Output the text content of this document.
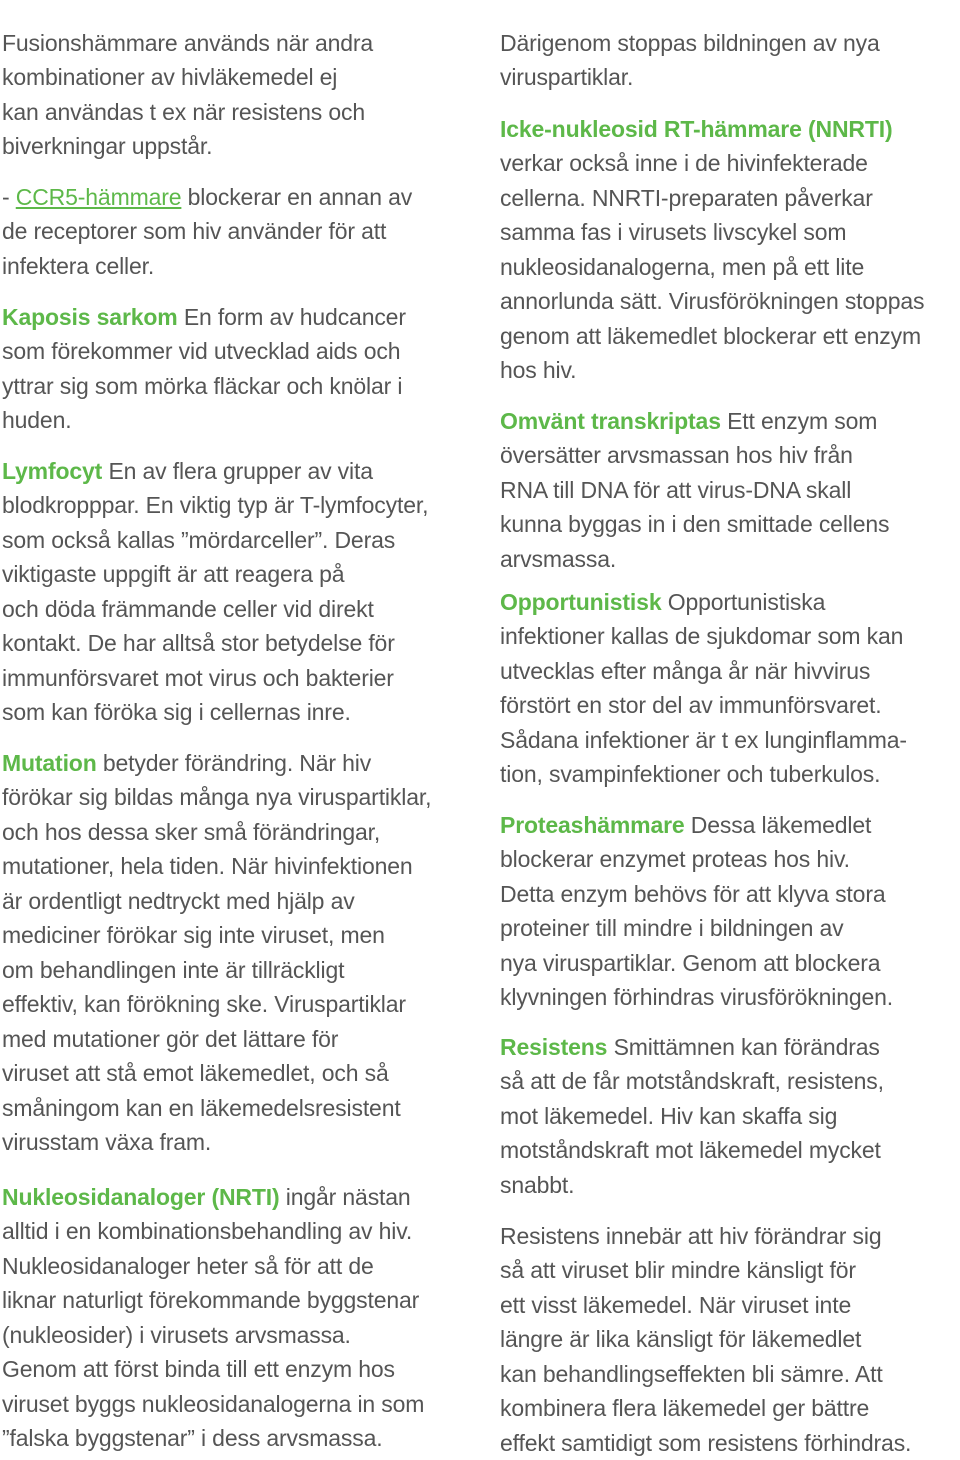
Fusionshämmare används när andra
kombinationer av hivläkemedel ej
kan användas t ex när resistens och
biverkningar uppstår.

- CCR5-hämmare blockerar en annan av
de receptorer som hiv använder för att
infektera celler.

Kaposis sarkom En form av hudcancer
som förekommer vid utvecklad aids och
yttrar sig som mörka fläckar och knölar i
huden.

Lymfocyt En av flera grupper av vita
blodkropppar. En viktig typ är T-lymfocyter,
som också kallas ”mördarceller”. Deras
viktigaste uppgift är att reagera på
och döda främmande celler vid direkt
kontakt. De har alltså stor betydelse för
immunförsvaret mot virus och bakterier
som kan föröka sig i cellernas inre.

Mutation betyder förändring. När hiv
förökar sig bildas många nya viruspartiklar,
och hos dessa sker små förändringar,
mutationer, hela tiden. När hivinfektionen
är ordentligt nedtryckt med hjälp av
mediciner förökar sig inte viruset, men
om behandlingen inte är tillräckligt
effektiv, kan förökning ske. Viruspartiklar
med mutationer gör det lättare för
viruset att stå emot läkemedlet, och så
småningom kan en läkemedelsresistent
virusstam växa fram.

Nukleosidanaloger (NRTI) ingår nästan
alltid i en kombinationsbehandling av hiv.
Nukleosidanaloger heter så för att de
liknar naturligt förekommande byggstenar
(nukleosider) i virusets arvsmassa.
Genom att först binda till ett enzym hos
viruset byggs nukleosidanalogerna in som
”falska byggstenar” i dess arvsmassa.

Därigenom stoppas bildningen av nya
viruspartiklar.

Icke-nukleosid RT-hämmare (NNRTI)
verkar också inne i de hivinfekterade
cellerna. NNRTI-preparaten påverkar
samma fas i virusets livscykel som
nukleosidanalogerna, men på ett lite
annorlunda sätt. Virusförökningen stoppas
genom att läkemedlet blockerar ett enzym
hos hiv.

Omvänt transkriptas Ett enzym som
översätter arvsmassan hos hiv från
RNA till DNA för att virus-DNA skall
kunna byggas in i den smittade cellens
arvsmassa.

Opportunistisk Opportunistiska
infektioner kallas de sjukdomar som kan
utvecklas efter många år när hivvirus
förstört en stor del av immunförsvaret.
Sådana infektioner är t ex lunginflamma-
tion, svampinfektioner och tuberkulos.

Proteashämmare Dessa läkemedlet
blockerar enzymet proteas hos hiv.
Detta enzym behövs för att klyva stora
proteiner till mindre i bildningen av
nya viruspartiklar. Genom att blockera
klyvningen förhindras virusförökningen.

Resistens Smittämnen kan förändras
så att de får motståndskraft, resistens,
mot läkemedel. Hiv kan skaffa sig
motståndskraft mot läkemedel mycket
snabbt.

Resistens innebär att hiv förändrar sig
så att viruset blir mindre känsligt för
ett visst läkemedel. När viruset inte
längre är lika känsligt för läkemedlet
kan behandlingseffekten bli sämre. Att
kombinera flera läkemedel ger bättre
effekt samtidigt som resistens förhindras.
